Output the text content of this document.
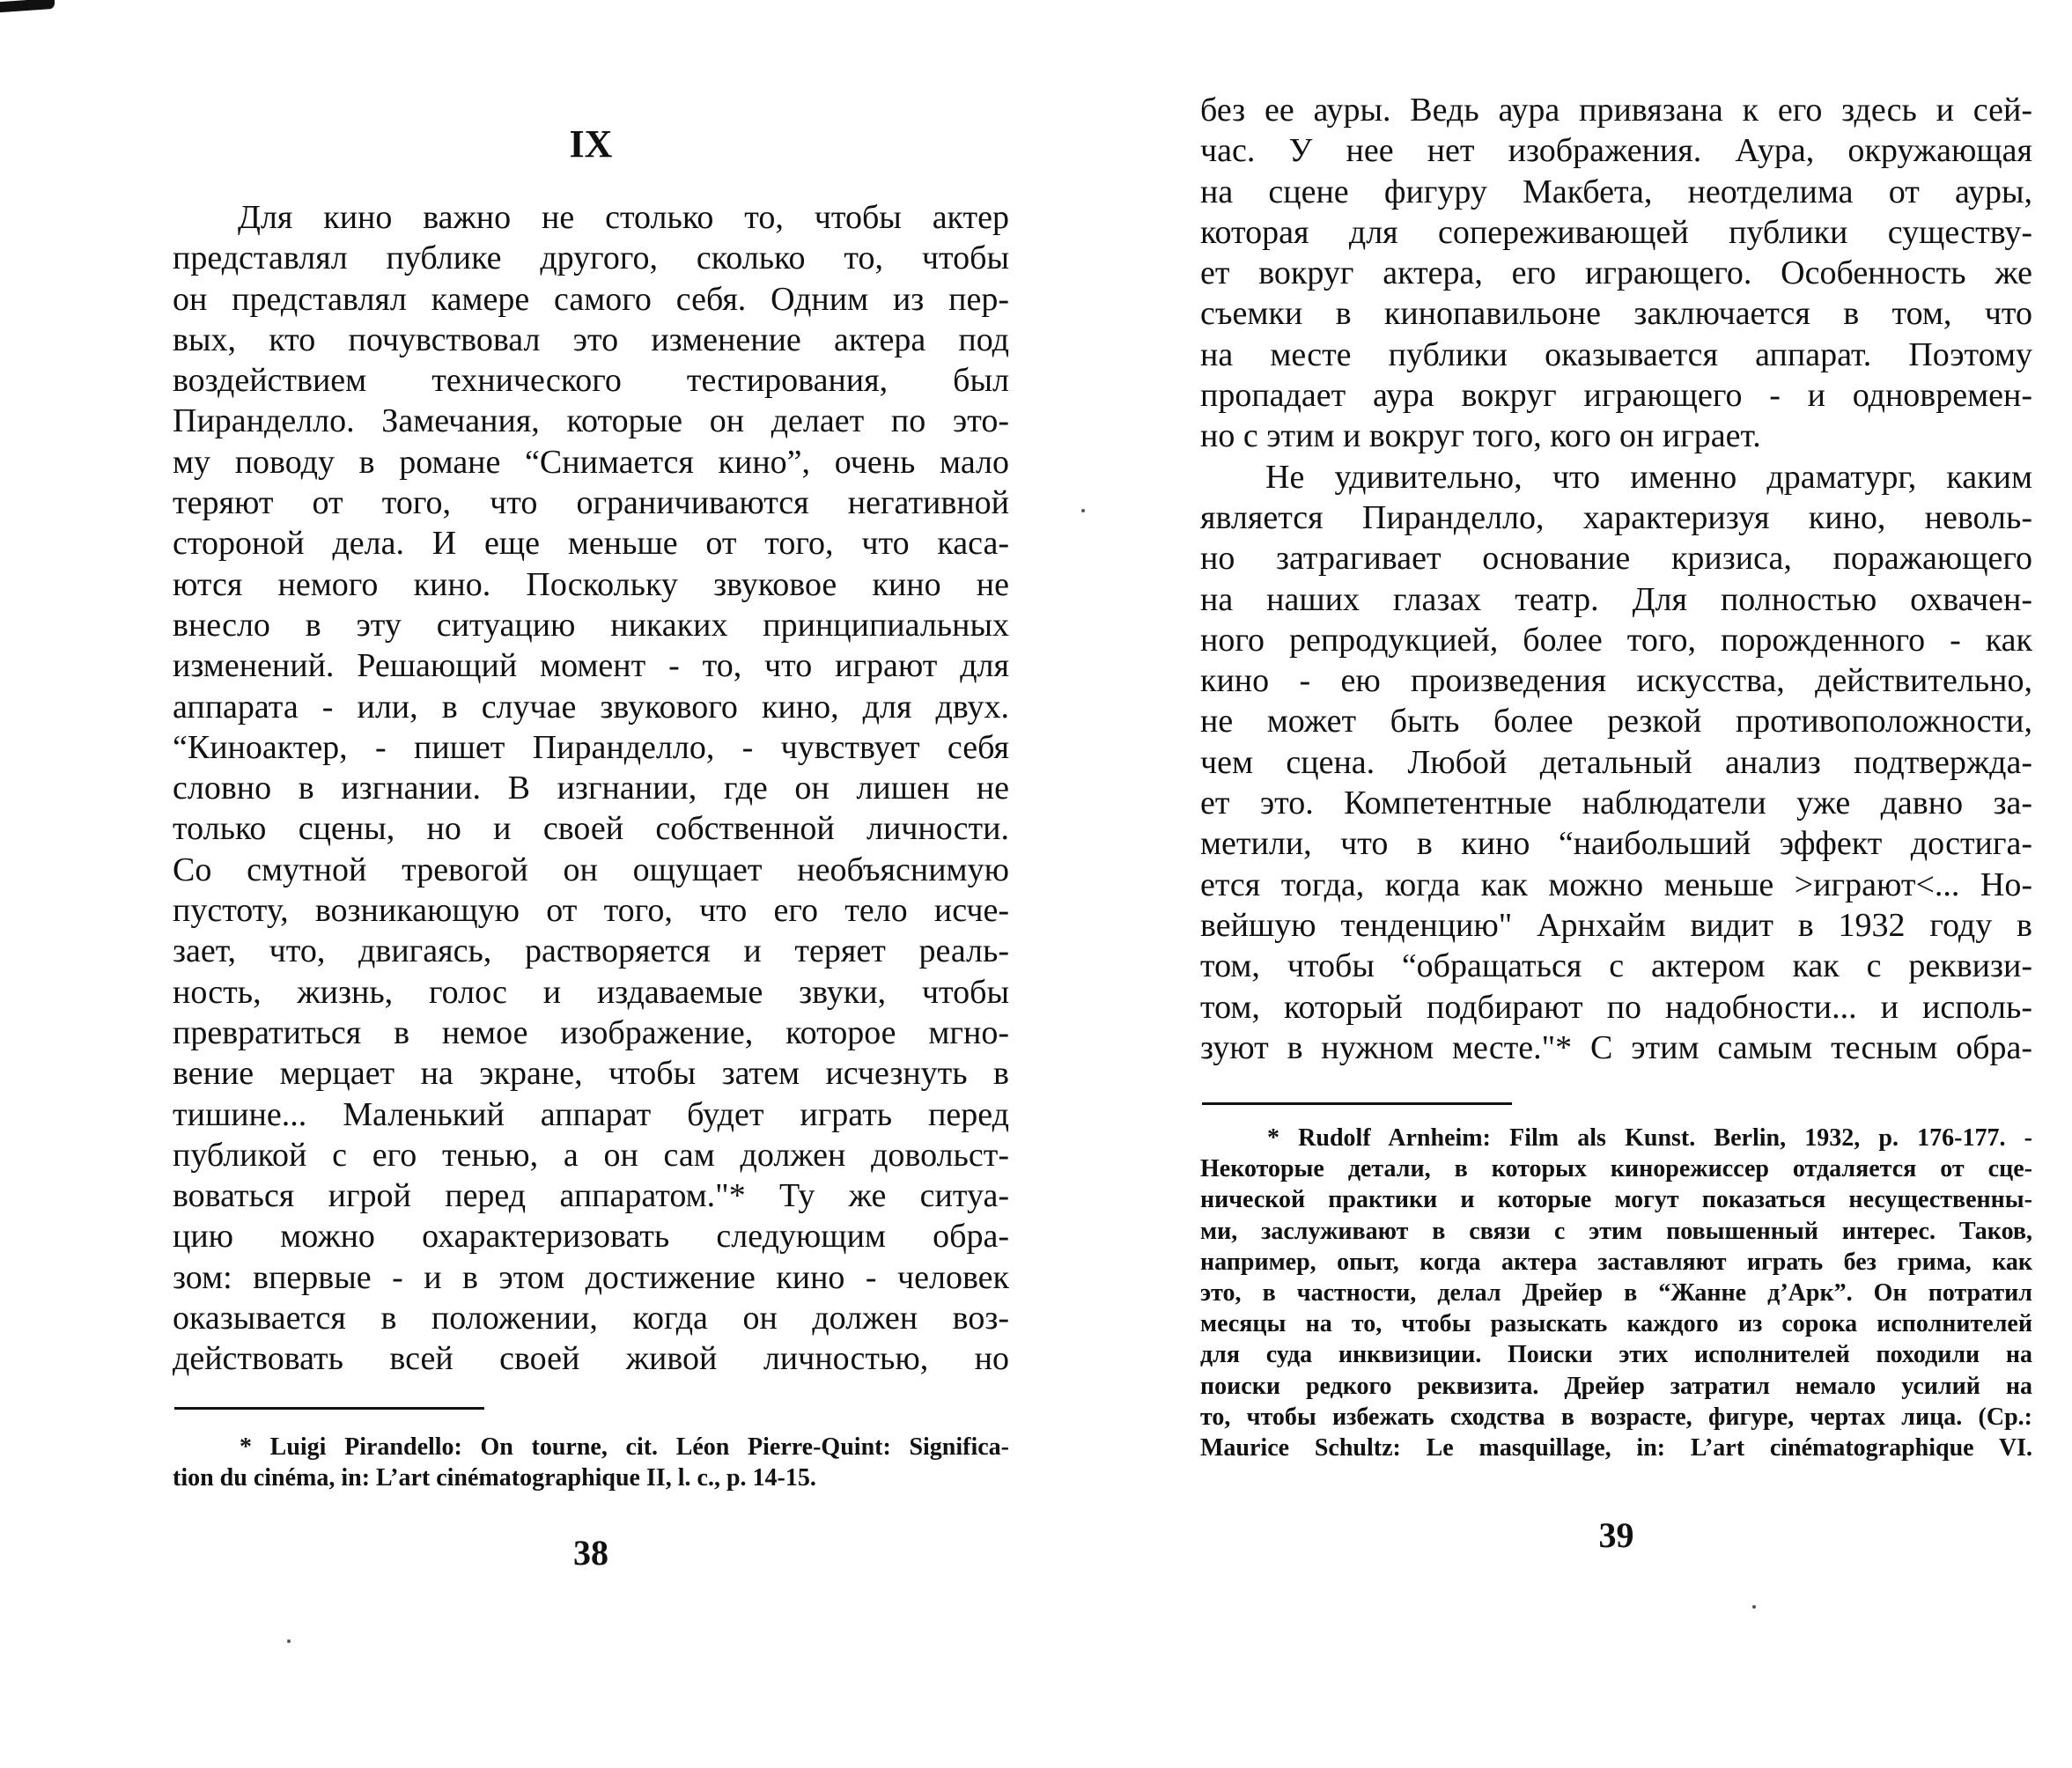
IX
Для кино важно не столько то, чтобы актер
представлял публике другого, сколько то, чтобы
он представлял камере самого себя. Одним из пер-
вых, кто почувствовал это изменение актера под
воздействием технического тестирования, был
Пиранделло. Замечания, которые он делает по это-
му поводу в романе “Снимается кино”, очень мало
теряют от того, что ограничиваются негативной
стороной дела. И еще меньше от того, что каса-
ются немого кино. Поскольку звуковое кино не
внесло в эту ситуацию никаких принципиальных
изменений. Решающий момент - то, что играют для
аппарата - или, в случае звукового кино, для двух.
“Киноактер, - пишет Пиранделло, - чувствует себя
словно в изгнании. В изгнании, где он лишен не
только сцены, но и своей собственной личности.
Со смутной тревогой он ощущает необъяснимую
пустоту, возникающую от того, что его тело исче-
зает, что, двигаясь, растворяется и теряет реаль-
ность, жизнь, голос и издаваемые звуки, чтобы
превратиться в немое изображение, которое мгно-
вение мерцает на экране, чтобы затем исчезнуть в
тишине... Маленький аппарат будет играть перед
публикой с его тенью, а он сам должен довольст-
воваться игрой перед аппаратом."* Ту же ситуа-
цию можно охарактеризовать следующим обра-
зом: впервые - и в этом достижение кино - человек
оказывается в положении, когда он должен воз-
действовать всей своей живой личностью, но
* Luigi Pirandello: On tourne, cit. Léon Pierre-Quint: Significa-
tion du cinéma, in: L’art cinématographique II, l. c., p. 14-15.
38
без ее ауры. Ведь аура привязана к его здесь и сей-
час. У нее нет изображения. Аура, окружающая
на сцене фигуру Макбета, неотделима от ауры,
которая для сопереживающей публики существу-
ет вокруг актера, его играющего. Особенность же
съемки в кинопавильоне заключается в том, что
на месте публики оказывается аппарат. Поэтому
пропадает аура вокруг играющего - и одновремен-
но с этим и вокруг того, кого он играет.
Не удивительно, что именно драматург, каким
является Пиранделло, характеризуя кино, неволь-
но затрагивает основание кризиса, поражающего
на наших глазах театр. Для полностью охвачен-
ного репродукцией, более того, порожденного - как
кино - ею произведения искусства, действительно,
не может быть более резкой противоположности,
чем сцена. Любой детальный анализ подтвержда-
ет это. Компетентные наблюдатели уже давно за-
метили, что в кино “наибольший эффект достига-
ется тогда, когда как можно меньше >играют<... Но-
вейшую тенденцию" Арнхайм видит в 1932 году в
том, чтобы “обращаться с актером как с реквизи-
том, который подбирают по надобности... и исполь-
зуют в нужном месте."* С этим самым тесным обра-
* Rudolf Arnheim: Film als Kunst. Berlin, 1932, p. 176-177. -
Некоторые детали, в которых кинорежиссер отдаляется от сце-
нической практики и которые могут показаться несущественны-
ми, заслуживают в связи с этим повышенный интерес. Таков,
например, опыт, когда актера заставляют играть без грима, как
это, в частности, делал Дрейер в “Жанне д’Арк”. Он потратил
месяцы на то, чтобы разыскать каждого из сорока исполнителей
для суда инквизиции. Поиски этих исполнителей походили на
поиски редкого реквизита. Дрейер затратил немало усилий на
то, чтобы избежать сходства в возрасте, фигуре, чертах лица. (Ср.:
Maurice Schultz: Le masquillage, in: L’art cinématographique VI.
39
